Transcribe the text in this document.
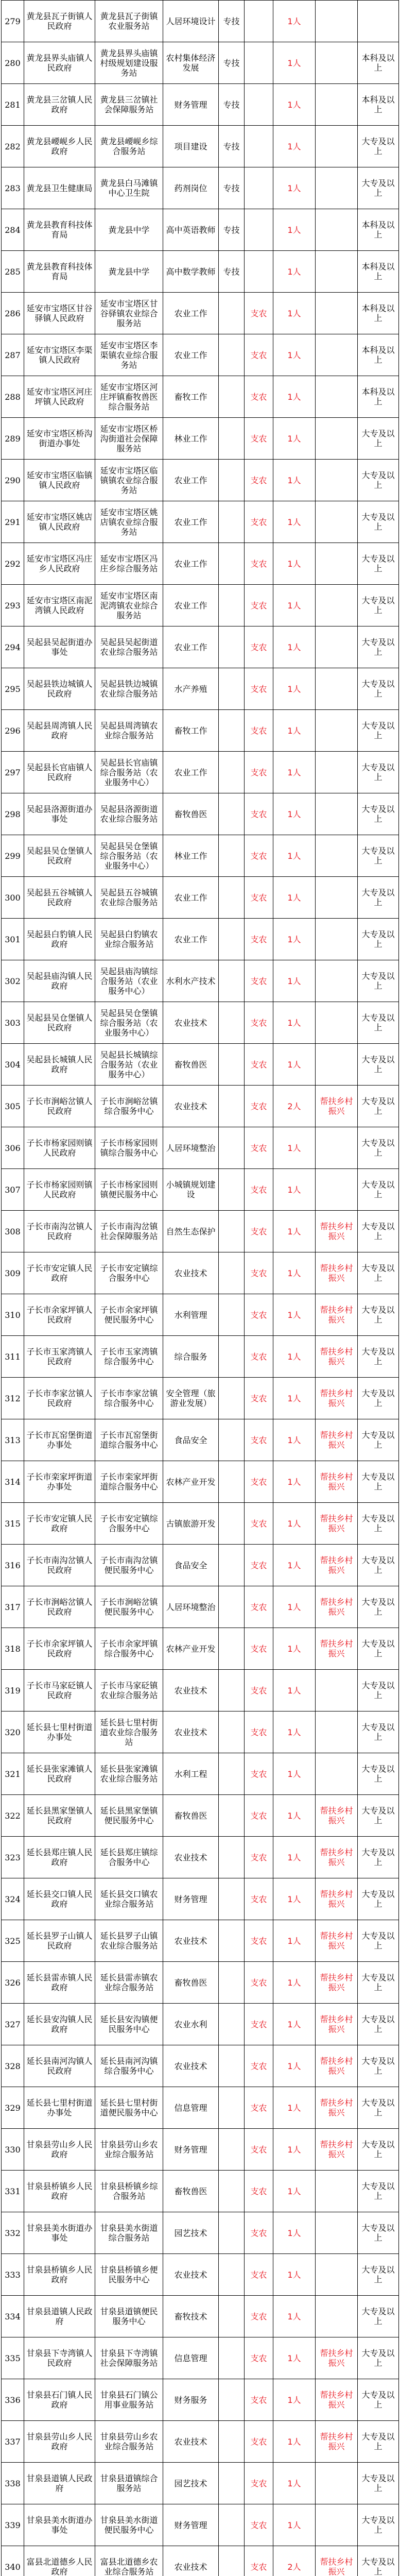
279	黄龙县瓦子街镇人民政府	黄龙县瓦子街镇农业服务站	人居环境设计	专技		1人		
280	黄龙县界头庙镇人民政府	黄龙县界头庙镇村级规划建设服务站	农村集体经济发展	专技		1人		本科及以上
281	黄龙县三岔镇人民政府	黄龙县三岔镇社会保障服务站	财务管理	专技		1人		本科及以上
282	黄龙县崾岘乡人民政府	黄龙县崾岘乡综合服务站	项目建设	专技		1人		大专及以上
283	黄龙县卫生健康局	黄龙县白马滩镇中心卫生院	药剂岗位	专技		1人		大专及以上
284	黄龙县教育科技体育局	黄龙县中学	高中英语教师	专技		1人		本科及以上
285	黄龙县教育科技体育局	黄龙县中学	高中数学教师	专技		1人		本科及以上
286	延安市宝塔区甘谷驿镇人民政府	延安市宝塔区甘谷驿镇农业综合服务站	农业工作		支农	1人		本科及以上
287	延安市宝塔区李渠镇人民政府	延安市宝塔区李渠镇农业综合服务站	农业工作		支农	1人		本科及以上
288	延安市宝塔区河庄坪镇人民政府	延安市宝塔区河庄坪镇畜牧兽医综合服务站	畜牧工作		支农	1人		本科及以上
289	延安市宝塔区桥沟街道办事处	延安市宝塔区桥沟街道社会保障服务站	林业工作		支农	1人		大专及以上
290	延安市宝塔区临镇镇人民政府	延安市宝塔区临镇镇农业综合服务站	农业工作		支农	1人		大专及以上
291	延安市宝塔区姚店镇人民政府	延安市宝塔区姚店镇农业综合服务站	农业工作		支农	1人		大专及以上
292	延安市宝塔区冯庄乡人民政府	延安市宝塔区冯庄乡综合服务站	农业工作		支农	1人		大专及以上
293	延安市宝塔区南泥湾镇人民政府	延安市宝塔区南泥湾镇农业综合服务站	农业工作		支农	1人		大专及以上
294	吴起县吴起街道办事处	吴起县吴起街道农业综合服务站	农业工作		支农	1人		大专及以上
295	吴起县铁边城镇人民政府	吴起县铁边城镇农业综合服务站	水产养殖		支农	1人		大专及以上
296	吴起县周湾镇人民政府	吴起县周湾镇农业综合服务站	畜牧工作		支农	1人		大专及以上
297	吴起县长官庙镇人民政府	吴起县长官庙镇综合服务站（农业服务中心）	农业工作		支农	1人		大专及以上
298	吴起县洛源街道办事处	吴起县洛源街道农业综合服务站	畜牧兽医		支农	1人		大专及以上
299	吴起县吴仓堡镇人民政府	吴起县吴仓堡镇综合服务站（农业服务中心）	林业工作		支农	1人		大专及以上
300	吴起县五谷城镇人民政府	吴起县五谷城镇农业综合服务站	农业工作		支农	1人		大专及以上
301	吴起县白豹镇人民政府	吴起县白豹镇农业综合服务站	农业工作		支农	1人		大专及以上
302	吴起县庙沟镇人民政府	吴起县庙沟镇综合服务站（农业服务中心）	水利水产技术		支农	1人		大专及以上
303	吴起县吴仓堡镇人民政府	吴起县吴仓堡镇综合服务站（农业服务中心）	农业技术		支农	1人		大专及以上
304	吴起县长城镇人民政府	吴起县长城镇综合服务站（农业服务中心）	畜牧兽医		支农	1人		大专及以上
305	子长市涧峪岔镇人民政府	子长市涧峪岔镇综合服务中心	农业技术		支农	2人	帮扶乡村振兴	大专及以上
306	子长市杨家园则镇人民政府	子长市杨家园则镇综合服务中心	人居环境整治		支农	1人		大专及以上
307	子长市杨家园则镇人民政府	子长市杨家园则镇便民服务中心	小城镇规划建设		支农	1人		大专及以上
308	子长市南沟岔镇人民政府	子长市南沟岔镇社会保障服务站	自然生态保护		支农	1人	帮扶乡村振兴	大专及以上
309	子长市安定镇人民政府	子长市安定镇综合服务中心	农业技术		支农	1人	帮扶乡村振兴	大专及以上
310	子长市余家坪镇人民政府	子长市余家坪镇便民服务中心	水利管理		支农	1人	帮扶乡村振兴	大专及以上
311	子长市玉家湾镇人民政府	子长市玉家湾镇综合服务中心	综合服务		支农	1人	帮扶乡村振兴	大专及以上
312	子长市李家岔镇人民政府	子长市李家岔镇综合服务中心	安全管理（旅游业发展）		支农	1人	帮扶乡村振兴	大专及以上
313	子长市瓦窑堡街道办事处	子长市瓦窑堡街道综合服务中心	食品安全		支农	1人	帮扶乡村振兴	大专及以上
314	子长市栾家坪街道办事处	子长市栾家坪街道综合服务中心	农林产业开发		支农	1人	帮扶乡村振兴	大专及以上
315	子长市安定镇人民政府	子长市安定镇综合服务中心	古镇旅游开发		支农	1人	帮扶乡村振兴	大专及以上
316	子长市南沟岔镇人民政府	子长市南沟岔镇便民服务中心	食品安全		支农	1人	帮扶乡村振兴	大专及以上
317	子长市涧峪岔镇人民政府	子长市涧峪岔镇便民服务中心	人居环境整治		支农	1人	帮扶乡村振兴	大专及以上
318	子长市余家坪镇人民政府	子长市余家坪镇综合服务中心	农林产业开发		支农	1人	帮扶乡村振兴	大专及以上
319	子长市马家砭镇人民政府	子长市马家砭镇农业综合服务站	农业技术		支农	1人		大专及以上
320	延长县七里村街道办事处	延长县七里村街道农业综合服务站	农业技术		支农	1人		大专及以上
321	延长县张家滩镇人民政府	延长县张家滩镇农业综合服务站	水利工程		支农	1人		大专及以上
322	延长县黑家堡镇人民政府	延长县黑家堡镇便民服务中心	畜牧兽医		支农	1人	帮扶乡村振兴	大专及以上
323	延长县郑庄镇人民政府	延长县郑庄镇综合服务中心	农业技术		支农	1人	帮扶乡村振兴	大专及以上
324	延长县交口镇人民政府	延长县交口镇农业综合服务站	财务管理		支农	1人	帮扶乡村振兴	大专及以上
325	延长县罗子山镇人民政府	延长县罗子山镇农业综合服务站	农业技术		支农	1人	帮扶乡村振兴	大专及以上
326	延长县雷赤镇人民政府	延长县雷赤镇农业综合服务站	畜牧兽医		支农	1人	帮扶乡村振兴	大专及以上
327	延长县安沟镇人民政府	延长县安沟镇便民服务中心	农业水利		支农	1人	帮扶乡村振兴	大专及以上
328	延长县南河沟镇人民政府	延长县南河沟镇综合服务中心	农业技术		支农	1人	帮扶乡村振兴	大专及以上
329	延长县七里村街道办事处	延长县七里村街道便民服务中心	信息管理		支农	1人	帮扶乡村振兴	大专及以上
330	甘泉县劳山乡人民政府	甘泉县劳山乡农业综合服务站	财务管理		支农	1人	帮扶乡村振兴	大专及以上
331	甘泉县桥镇乡人民政府	甘泉县桥镇乡综合服务站	畜牧兽医		支农	1人		大专及以上
332	甘泉县美水街道办事处	甘泉县美水街道综合服务站	园艺技术		支农	1人		大专及以上
333	甘泉县桥镇乡人民政府	甘泉县桥镇乡便民服务中心	农业技术		支农	1人		大专及以上
334	甘泉县道镇人民政府	甘泉县道镇便民服务中心	畜牧技术		支农	1人		大专及以上
335	甘泉县下寺湾镇人民政府	甘泉县下寺湾镇社会保障服务站	信息管理		支农	1人	帮扶乡村振兴	大专及以上
336	甘泉县石门镇人民政府	甘泉县石门镇公用事业服务站	财务服务		支农	1人	帮扶乡村振兴	大专及以上
337	甘泉县劳山乡人民政府	甘泉县劳山乡农业综合服务站	农业技术		支农	1人	帮扶乡村振兴	大专及以上
338	甘泉县道镇人民政府	甘泉县道镇综合服务站	园艺技术		支农	1人		大专及以上
339	甘泉县美水街道办事处	甘泉县美水街道便民服务中心	财务管理		支农	1人		大专及以上
340	富县北道德乡人民政府	富县北道德乡农业综合服务站	农业技术		支农	2人	帮扶乡村振兴	大专及以上
